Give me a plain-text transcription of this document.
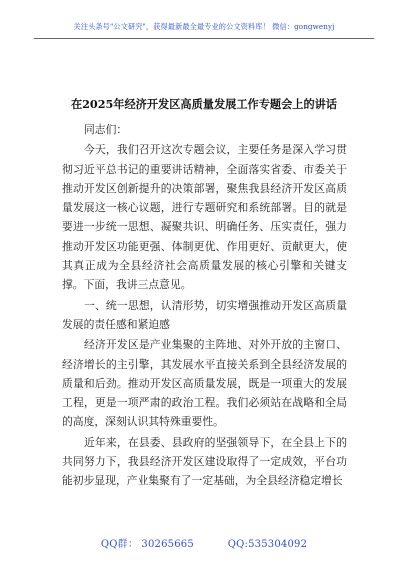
关注头条号"公文研究"，获得最新最全最专业的公文资料库！ 微信：gongwenyj
在2025年经济开发区高质量发展工作专题会上的讲话

同志们：

今天，我们召开这次专题会议，主要任务是深入学习贯彻习近平总书记的重要讲话精神，全面落实省委、市委关于推动开发区创新提升的决策部署，聚焦我县经济开发区高质量发展这一核心议题，进行专题研究和系统部署。目的就是要进一步统一思想、凝聚共识、明确任务、压实责任，强力推动开发区功能更强、体制更优、作用更好、贡献更大，使其真正成为全县经济社会高质量发展的核心引擎和关键支撑。下面，我讲三点意见。

一、统一思想，认清形势，切实增强推动开发区高质量发展的责任感和紧迫感

经济开发区是产业集聚的主阵地、对外开放的主窗口、经济增长的主引擎，其发展水平直接关系到全县经济发展的质量和后劲。推动开发区高质量发展，既是一项重大的发展工程，更是一项严肃的政治工程。我们必须站在战略和全局的高度，深刻认识其特殊重要性。

近年来，在县委、县政府的坚强领导下，在全县上下的共同努力下，我县经济开发区建设取得了一定成效，平台功能初步显现，产业集聚有了一定基础，为全县经济稳定增长

QQ群： 30265665	QQ:535304092
